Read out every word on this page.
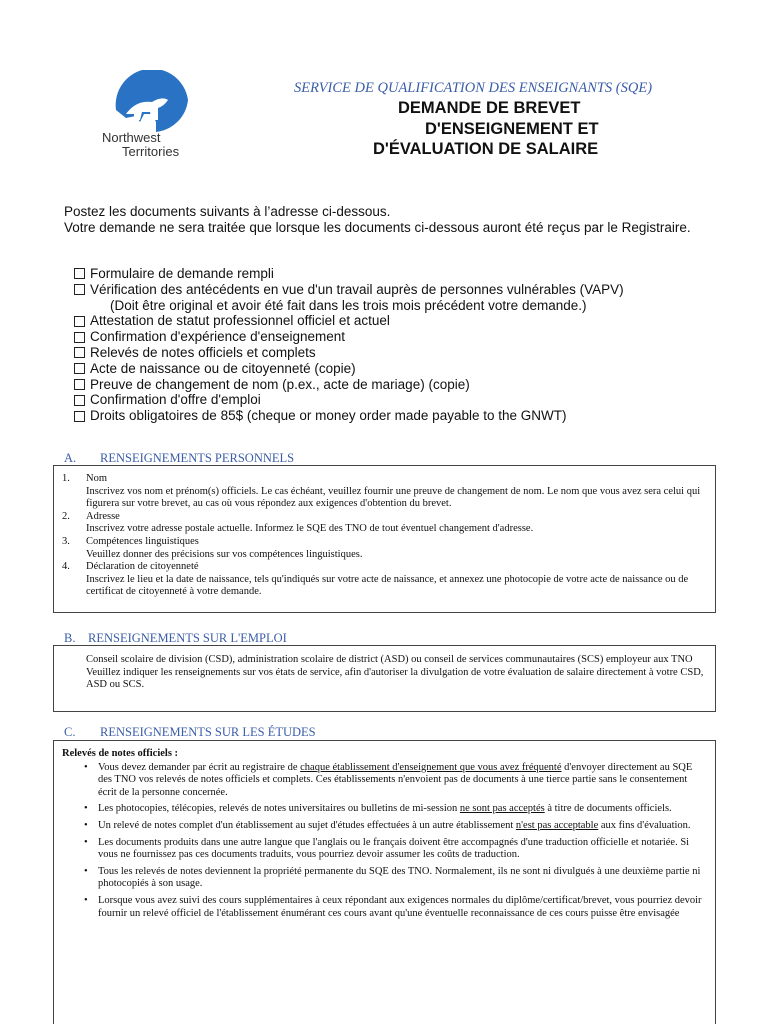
Northwest
Territories
SERVICE DE QUALIFICATION DES ENSEIGNANTS (SQE)
DEMANDE DE BREVET
D'ENSEIGNEMENT ET
D'ÉVALUATION DE SALAIRE

Postez les documents suivants à l’adresse ci-dessous.

Votre demande ne sera traitée que lorsque les documents ci-dessous auront été reçus par le Registraire.

Formulaire de demande rempli
Vérification des antécédents en vue d'un travail auprès de personnes vulnérables (VAPV)
(Doit être original et avoir été fait dans les trois mois précédent votre demande.)
Attestation de statut professionnel officiel et actuel
Confirmation d'expérience d'enseignement
Relevés de notes officiels et complets
Acte de naissance ou de citoyenneté (copie)
Preuve de changement de nom (p.ex., acte de mariage) (copie)
Confirmation d'offre d'emploi
Droits obligatoires de 85$ (cheque or money order made payable to the GNWT)
A. RENSEIGNEMENTS PERSONNELS
1.	Nom
Inscrivez vos nom et prénom(s) officiels. Le cas échéant, veuillez fournir une preuve de changement de nom. Le nom que vous avez sera celui qui figurera sur votre brevet, au cas où vous répondez aux exigences d'obtention du brevet.
2.	Adresse
Inscrivez votre adresse postale actuelle. Informez le SQE des TNO de tout éventuel changement d'adresse.
3.	Compétences linguistiques
Veuillez donner des précisions sur vos compétences linguistiques.
4.	Déclaration de citoyenneté
Inscrivez le lieu et la date de naissance, tels qu'indiqués sur votre acte de naissance, et annexez une photocopie de votre acte de naissance ou de certificat de citoyenneté à votre demande.
B. RENSEIGNEMENTS SUR L'EMPLOI
Conseil scolaire de division (CSD), administration scolaire de district (ASD) ou conseil de services communautaires (SCS) employeur aux TNO
Veuillez indiquer les renseignements sur vos états de service, afin d'autoriser la divulgation de votre évaluation de salaire directement à votre CSD, ASD ou SCS.
C. RENSEIGNEMENTS SUR LES ÉTUDES
Relevés de notes officiels :
• Vous devez demander par écrit au registraire de chaque établissement d'enseignement que vous avez fréquenté d'envoyer directement au SQE des TNO vos relevés de notes officiels et complets. Ces établissements n'envoient pas de documents à une tierce partie sans le consentement écrit de la personne concernée.
• Les photocopies, télécopies, relevés de notes universitaires ou bulletins de mi-session ne sont pas acceptés à titre de documents officiels.
• Un relevé de notes complet d'un établissement au sujet d'études effectuées à un autre établissement n'est pas acceptable aux fins d'évaluation.
• Les documents produits dans une autre langue que l'anglais ou le français doivent être accompagnés d'une traduction officielle et notariée. Si vous ne fournissez pas ces documents traduits, vous pourriez devoir assumer les coûts de traduction.
• Tous les relevés de notes deviennent la propriété permanente du SQE des TNO. Normalement, ils ne sont ni divulgués à une deuxième partie ni photocopiés à son usage.
• Lorsque vous avez suivi des cours supplémentaires à ceux répondant aux exigences normales du diplôme/certificat/brevet, vous pourriez devoir fournir un relevé officiel de l'établissement énumérant ces cours avant qu'une éventuelle reconnaissance de ces cours puisse être envisagée
